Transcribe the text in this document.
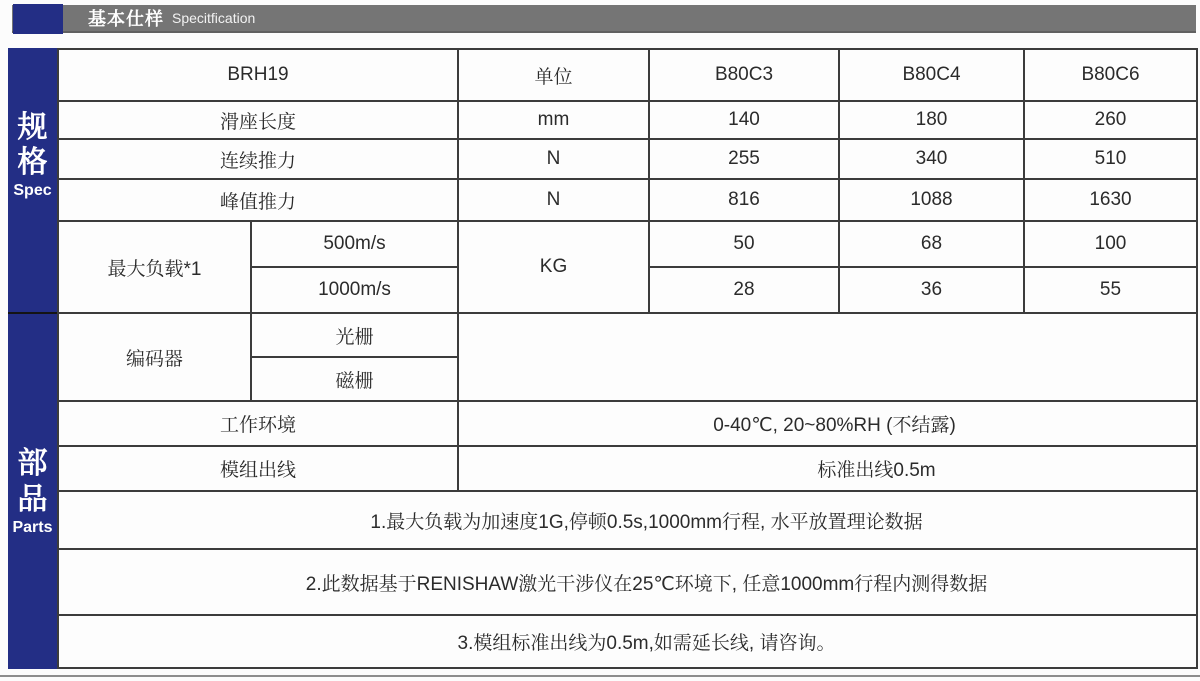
基本仕样 Specitfication
规格
Spec
部品
Parts
BRH19		单位	B80C3	B80C4	B80C6
滑座长度		mm	140	180	260
连续推力		N	255	340	510
峰值推力		N	816	1088	1630
最大负载*1	500m/s	KG	50	68	100
	1000m/s		28	36	55
编码器	光栅				
	磁栅				
工作环境		0-40℃, 20~80%RH (不结露)			
模组出线		标准出线0.5m			
1.最大负载为加速度1G,停顿0.5s,1000mm行程, 水平放置理论数据					
2.此数据基于RENISHAW激光干涉仪在25℃环境下, 任意1000mm行程内测得数据					
3.模组标准出线为0.5m,如需延长线, 请咨询。					
